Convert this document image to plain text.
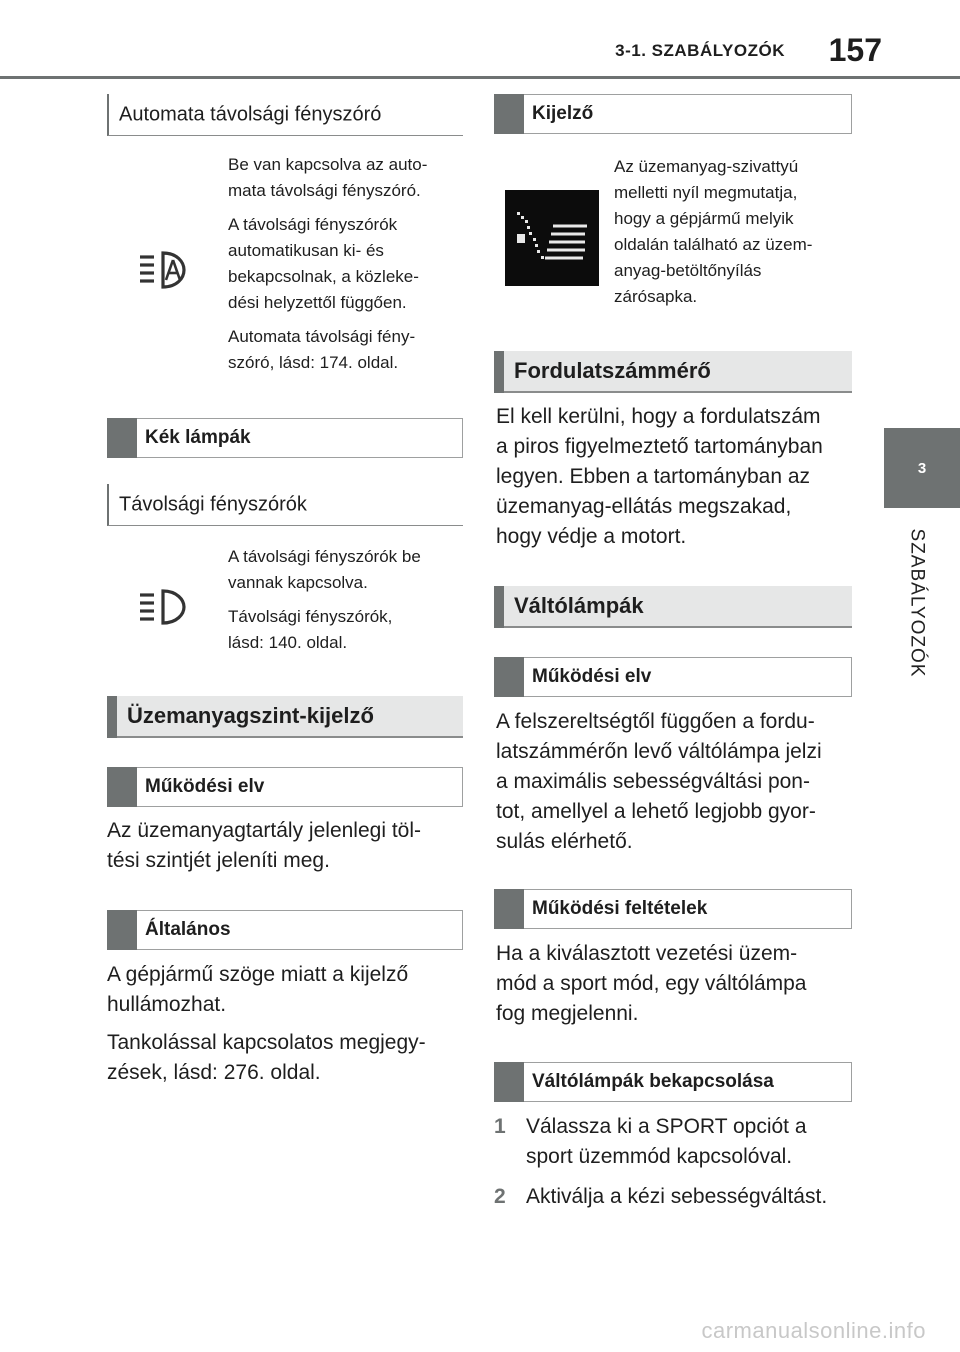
3-1. SZABÁLYOZÓK 157
3
SZABÁLYOZÓK
Automata távolsági fényszóró

Be van kapcsolva az auto-
mata távolsági fényszóró.

A távolsági fényszórók
automatikusan ki- és
bekapcsolnak, a közleke-
dési helyzettől függően.

Automata távolsági fény-
szóró, lásd: 174. oldal.

Kék lámpák
Távolsági fényszórók

A távolsági fényszórók be
vannak kapcsolva.

Távolsági fényszórók,
lásd: 140. oldal.

Üzemanyagszint-kijelző
Működési elv

Az üzemanyagtartály jelenlegi töl-
tési szintjét jeleníti meg.

Általános

A gépjármű szöge miatt a kijelző
hullámozhat.

Tankolással kapcsolatos megjegy-
zések, lásd: 276. oldal.

Kijelző

Az üzemanyag-szivattyú
melletti nyíl megmutatja,
hogy a gépjármű melyik
oldalán található az üzem-
anyag-betöltőnyílás
zárósapka.

Fordulatszámmérő

El kell kerülni, hogy a fordulatszám
a piros figyelmeztető tartományban
legyen. Ebben a tartományban az
üzemanyag-ellátás megszakad,
hogy védje a motort.

Váltólámpák
Működési elv

A felszereltségtől függően a fordu-
latszámmérőn levő váltólámpa jelzi
a maximális sebességváltási pon-
tot, amellyel a lehető legjobb gyor-
sulás elérhető.

Működési feltételek

Ha a kiválasztott vezetési üzem-
mód a sport mód, egy váltólámpa
fog megjelenni.

Váltólámpák bekapcsolása
1 Válassza ki a SPORT opciót a
sport üzemmód kapcsolóval.
2 Aktiválja a kézi sebességváltást.
carmanualsonline.info
